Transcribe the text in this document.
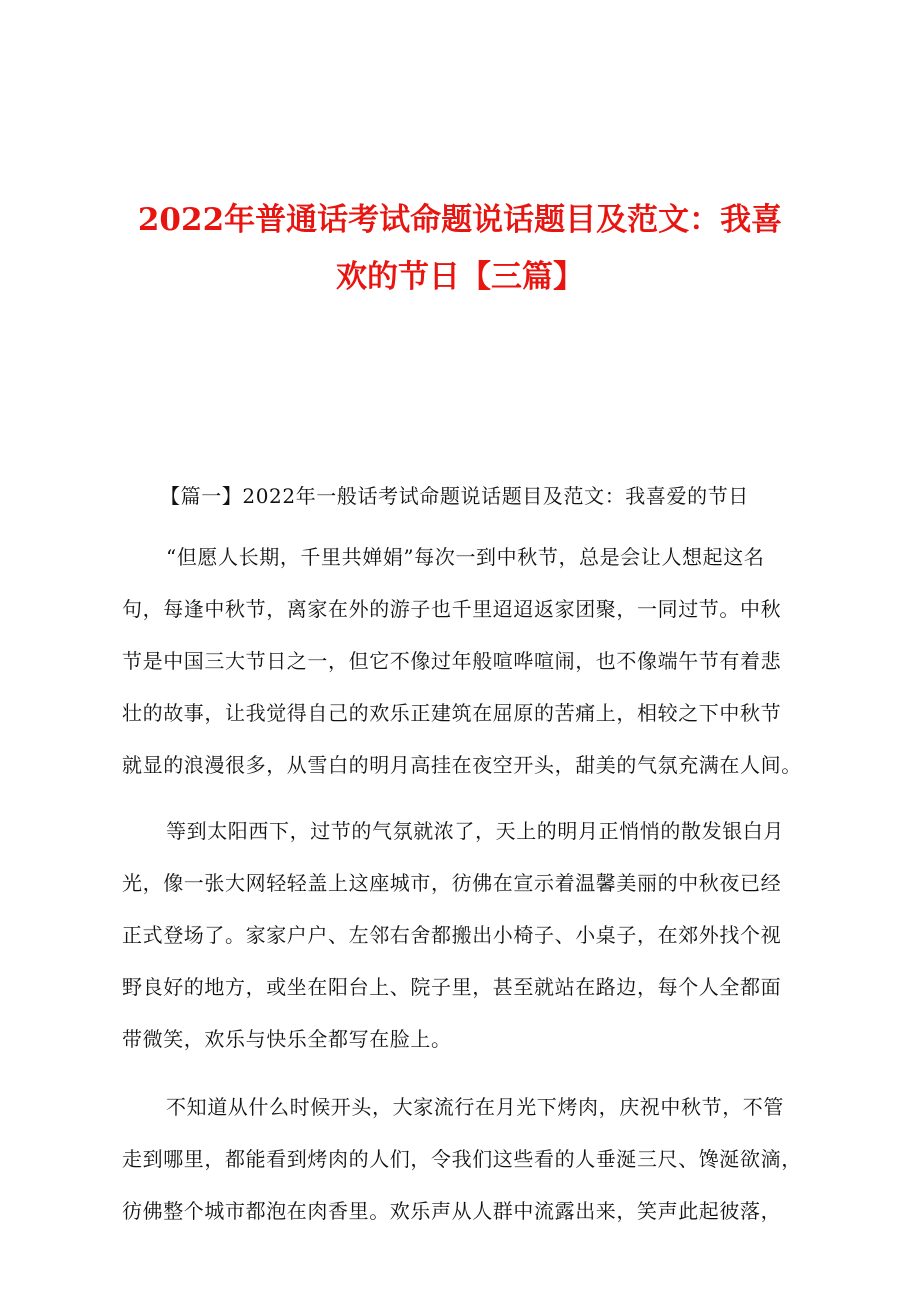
2022年普通话考试命题说话题目及范文：我喜
欢的节日【三篇】

【篇一】2022年一般话考试命题说话题目及范文：我喜爱的节日

“但愿人长期，千里共婵娟”每次一到中秋节，总是会让人想起这名
句，每逢中秋节，离家在外的游子也千里迢迢返家团聚，一同过节。中秋
节是中国三大节日之一，但它不像过年般喧哗喧闹，也不像端午节有着悲
壮的故事，让我觉得自己的欢乐正建筑在屈原的苦痛上，相较之下中秋节
就显的浪漫很多，从雪白的明月高挂在夜空开头，甜美的气氛充满在人间。

等到太阳西下，过节的气氛就浓了，天上的明月正悄悄的散发银白月
光，像一张大网轻轻盖上这座城市，彷佛在宣示着温馨美丽的中秋夜已经
正式登场了。家家户户、左邻右舍都搬出小椅子、小桌子，在郊外找个视
野良好的地方，或坐在阳台上、院子里，甚至就站在路边，每个人全都面
带微笑，欢乐与快乐全都写在脸上。

不知道从什么时候开头，大家流行在月光下烤肉，庆祝中秋节，不管
走到哪里，都能看到烤肉的人们，令我们这些看的人垂涎三尺、馋涎欲滴，
彷佛整个城市都泡在肉香里。欢乐声从人群中流露出来，笑声此起彼落，
